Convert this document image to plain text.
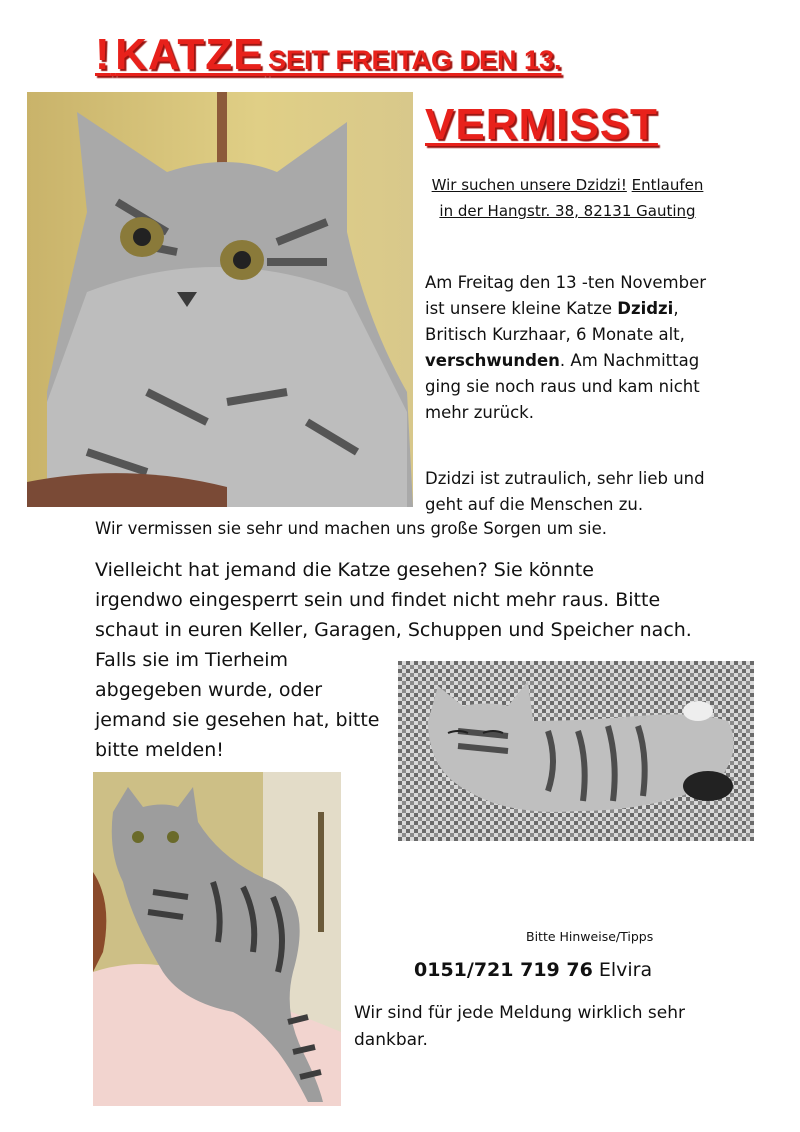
! KATZE SEIT FREITAG DEN 13.
VERMISST
Wir suchen unsere Dzidzi! Entlaufen
in der Hangstr. 38, 82131 Gauting
Am Freitag den 13 -ten November ist unsere kleine Katze Dzidzi, Britisch Kurzhaar, 6 Monate alt, verschwunden. Am Nachmittag ging sie noch raus und kam nicht mehr zurück.
Dzidzi ist zutraulich, sehr lieb und geht auf die Menschen zu.
Wir vermissen sie sehr und machen uns große Sorgen um sie.
Vielleicht hat jemand die Katze gesehen? Sie könnte
irgendwo eingesperrt sein und findet nicht mehr raus. Bitte
schaut in euren Keller, Garagen, Schuppen und Speicher nach.
Falls sie im Tierheim abgegeben wurde, oder jemand sie gesehen hat, bitte bitte melden!
Bitte Hinweise/Tipps
0151/721 719 76 Elvira
Wir sind für jede Meldung wirklich sehr dankbar.
